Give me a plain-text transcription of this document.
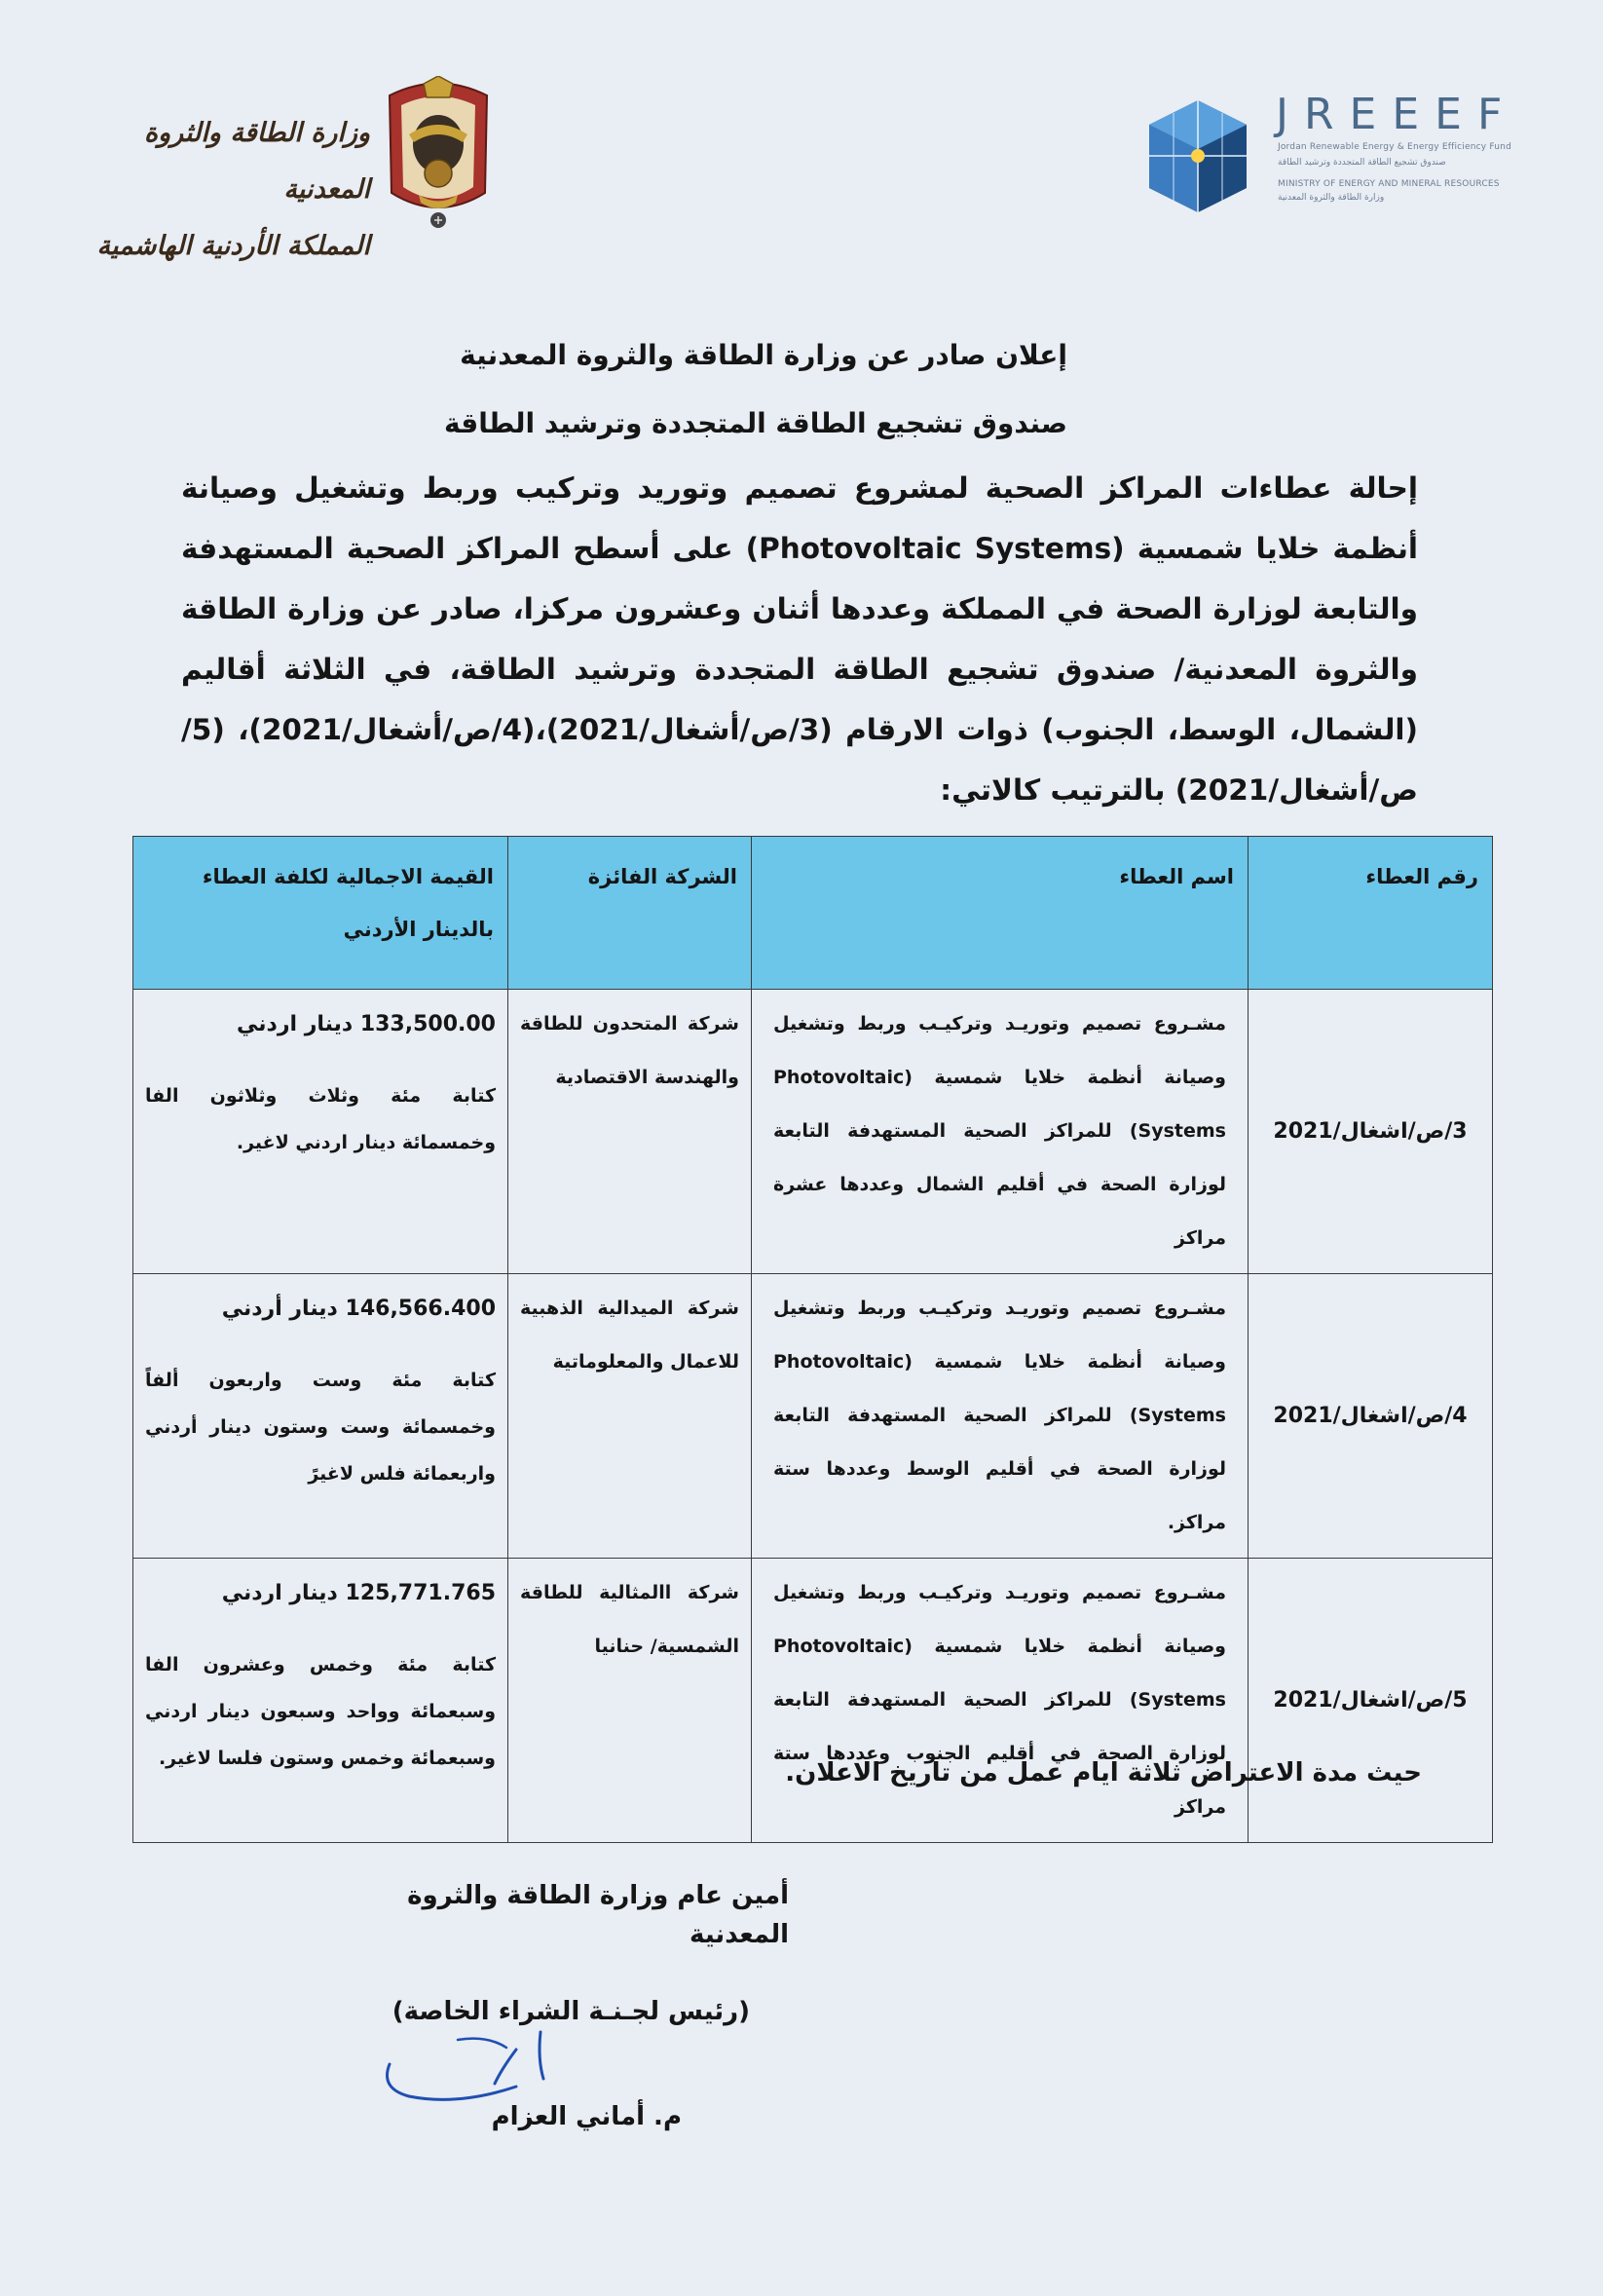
وزارة الطاقة والثروة المعدنية
المملكة الأردنية الهاشمية
JREEEF
Jordan Renewable Energy & Energy Efficiency Fund
صندوق تشجيع الطاقة المتجددة وترشيد الطاقة
MINISTRY OF ENERGY AND MINERAL RESOURCES
وزارة الطاقة والثروة المعدنية
إعلان صادر عن وزارة الطاقة والثروة المعدنية
صندوق تشجيع الطاقة المتجددة وترشيد الطاقة
إحالة عطاءات المراكز الصحية لمشروع تصميم وتوريد وتركيب وربط وتشغيل وصيانة أنظمة خلايا شمسية (Photovoltaic Systems) على أسطح المراكز الصحية المستهدفة والتابعة لوزارة الصحة في المملكة وعددها أثنان وعشرون مركزا، صادر عن وزارة الطاقة والثروة المعدنية/ صندوق تشجيع الطاقة المتجددة وترشيد الطاقة، في الثلاثة أقاليم (الشمال، الوسط، الجنوب) ذوات الارقام (3/ص/أشغال/2021)،(4/ص/أشغال/2021)، (5/ص/أشغال/2021) بالترتيب كالاتي:
رقم العطاء	اسم العطاء	الشركة الفائزة	القيمة الاجمالية لكلفة العطاء بالدينار الأردني
3/ص/اشغال/2021	مشـروع تصميم وتوريـد وتركيـب وربط وتشغيل وصيانة أنظمة خلايا شمسية (Photovoltaic Systems) للمراكز الصحية المستهدفة التابعة لوزارة الصحة في أقليم الشمال وعددها عشرة مراكز	شركة المتحدون للطاقة والهندسة الاقتصادية	133,500.00 دينار اردني
كتابة مئة وثلاث وثلاثون الفا وخمسمائة دينار اردني لاغير.

4/ص/اشغال/2021	مشـروع تصميم وتوريـد وتركيـب وربط وتشغيل وصيانة أنظمة خلايا شمسية (Photovoltaic Systems) للمراكز الصحية المستهدفة التابعة لوزارة الصحة في أقليم الوسط وعددها ستة مراكز.	شركة الميدالية الذهبية للاعمال والمعلوماتية	146,566.400 دينار أردني
كتابة مئة وست واربعون ألفاً وخمسمائة وست وستون دينار أردني واربعمائة فلس لاغيرً

5/ص/اشغال/2021	مشـروع تصميم وتوريـد وتركيـب وربط وتشغيل وصيانة أنظمة خلايا شمسية (Photovoltaic Systems) للمراكز الصحية المستهدفة التابعة لوزارة الصحة في أقليم الجنوب وعددها ستة مراكز	شركة االمثالية للطاقة الشمسية/ حنانيا	125,771.765 دينار اردني
كتابة مئة وخمس وعشرون الفا وسبعمائة وواحد وسبعون دينار اردني وسبعمائة وخمس وستون فلسا لاغير.	حيث مدة الاعتراض ثلاثة ايام عمل من تاريخ الاعلان.
أمين عام وزارة الطاقة والثروة المعدنية
(رئيس لجـنـة الشراء الخاصة)
م. أماني العزام
